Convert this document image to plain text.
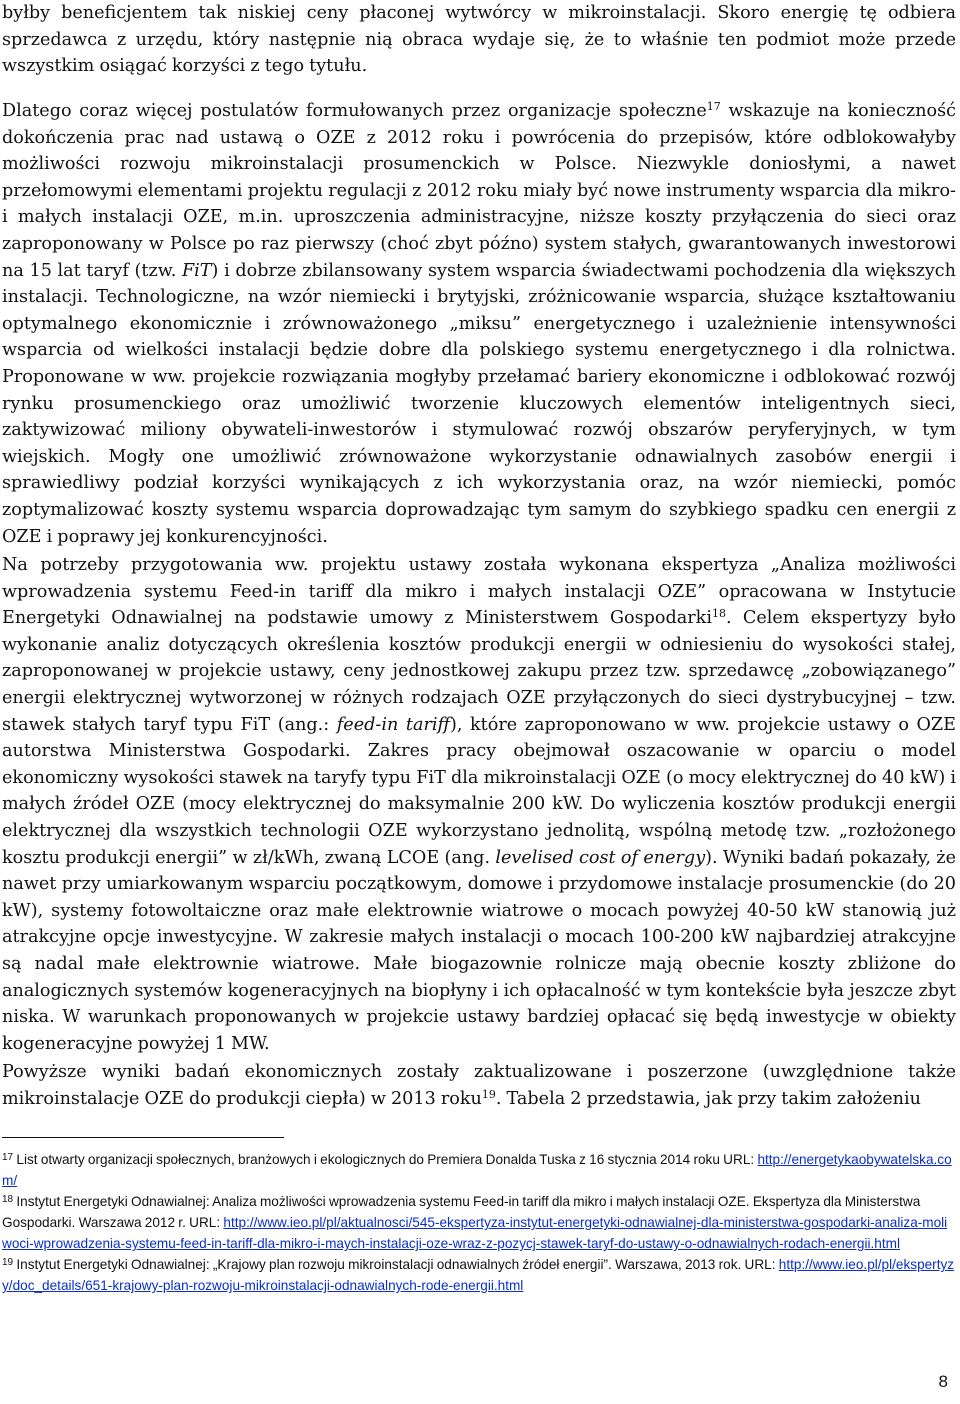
byłby beneficjentem tak niskiej ceny płaconej wytwórcy w mikroinstalacji. Skoro energię tę odbiera sprzedawca z urzędu, który następnie nią obraca wydaje się, że to właśnie ten podmiot może przede wszystkim osiągać korzyści z tego tytułu.

Dlatego coraz więcej postulatów formułowanych przez organizacje społeczne$^{17}$ wskazuje na konieczność dokończenia prac nad ustawą o OZE z 2012 roku i powrócenia do przepisów, które odblokowałyby możliwości rozwoju mikroinstalacji prosumenckich w Polsce. Niezwykle doniosłymi, a nawet przełomowymi elementami projektu regulacji z 2012 roku miały być nowe instrumenty wsparcia dla mikro- i małych instalacji OZE, m.in. uproszczenia administracyjne, niższe koszty przyłączenia do sieci oraz zaproponowany w Polsce po raz pierwszy (choć zbyt późno) system stałych, gwarantowanych inwestorowi na 15 lat taryf (tzw. FiT) i dobrze zbilansowany system wsparcia świadectwami pochodzenia dla większych instalacji. Technologiczne, na wzór niemiecki i brytyjski, zróżnicowanie wsparcia, służące kształtowaniu optymalnego ekonomicznie i zrównoważonego „miksu” energetycznego i uzależnienie intensywności wsparcia od wielkości instalacji będzie dobre dla polskiego systemu energetycznego i dla rolnictwa. Proponowane w ww. projekcie rozwiązania mogłyby przełamać bariery ekonomiczne i odblokować rozwój rynku prosumenckiego oraz umożliwić tworzenie kluczowych elementów inteligentnych sieci, zaktywizować miliony obywateli-inwestorów i stymulować rozwój obszarów peryferyjnych, w tym wiejskich. Mogły one umożliwić zrównoważone wykorzystanie odnawialnych zasobów energii i sprawiedliwy podział korzyści wynikających z ich wykorzystania oraz, na wzór niemiecki, pomóc zoptymalizować koszty systemu wsparcia doprowadzając tym samym do szybkiego spadku cen energii z OZE i poprawy jej konkurencyjności.

Na potrzeby przygotowania ww. projektu ustawy została wykonana ekspertyza „Analiza możliwości wprowadzenia systemu Feed-in tariff dla mikro i małych instalacji OZE” opracowana w Instytucie Energetyki Odnawialnej na podstawie umowy z Ministerstwem Gospodarki$^{18}$. Celem ekspertyzy było wykonanie analiz dotyczących określenia kosztów produkcji energii w odniesieniu do wysokości stałej, zaproponowanej w projekcie ustawy, ceny jednostkowej zakupu przez tzw. sprzedawcę „zobowiązanego” energii elektrycznej wytworzonej w różnych rodzajach OZE przyłączonych do sieci dystrybucyjnej – tzw. stawek stałych taryf typu FiT (ang.: feed-in tariff), które zaproponowano w ww. projekcie ustawy o OZE autorstwa Ministerstwa Gospodarki. Zakres pracy obejmował oszacowanie w oparciu o model ekonomiczny wysokości stawek na taryfy typu FiT dla mikroinstalacji OZE (o mocy elektrycznej do 40 kW) i małych źródeł OZE (mocy elektrycznej do maksymalnie 200 kW. Do wyliczenia kosztów produkcji energii elektrycznej dla wszystkich technologii OZE wykorzystano jednolitą, wspólną metodę tzw. „rozłożonego kosztu produkcji energii” w zł/kWh, zwaną LCOE (ang. levelised cost of energy). Wyniki badań pokazały, że nawet przy umiarkowanym wsparciu początkowym, domowe i przydomowe instalacje prosumenckie (do 20 kW), systemy fotowoltaiczne oraz małe elektrownie wiatrowe o mocach powyżej 40-50 kW stanowią już atrakcyjne opcje inwestycyjne. W zakresie małych instalacji o mocach 100-200 kW najbardziej atrakcyjne są nadal małe elektrownie wiatrowe. Małe biogazownie rolnicze mają obecnie koszty zbliżone do analogicznych systemów kogeneracyjnych na biopłyny i ich opłacalność w tym kontekście była jeszcze zbyt niska. W warunkach proponowanych w projekcie ustawy bardziej opłacać się będą inwestycje w obiekty kogeneracyjne powyżej 1 MW.

Powyższe wyniki badań ekonomicznych zostały zaktualizowane i poszerzone (uwzględnione także mikroinstalacje OZE do produkcji ciepła) w 2013 roku$^{19}$. Tabela 2 przedstawia, jak przy takim założeniu

$^{17}$ List otwarty organizacji społecznych, branżowych i ekologicznych do Premiera Donalda Tuska z 16 stycznia 2014 roku URL: http://energetykaobywatelska.com/

$^{18}$ Instytut Energetyki Odnawialnej: Analiza możliwości wprowadzenia systemu Feed-in tariff dla mikro i małych instalacji OZE. Ekspertyza dla Ministerstwa Gospodarki. Warszawa 2012 r. URL: http://www.ieo.pl/pl/aktualnosci/545-ekspertyza-instytut-energetyki-odnawialnej-dla-ministerstwa-gospodarki-analiza-moliwoci-wprowadzenia-systemu-feed-in-tariff-dla-mikro-i-maych-instalacji-oze-wraz-z-pozycj-stawek-taryf-do-ustawy-o-odnawialnych-rodach-energii.html

$^{19}$ Instytut Energetyki Odnawialnej: „Krajowy plan rozwoju mikroinstalacji odnawialnych źródeł energii”. Warszawa, 2013 rok. URL: http://www.ieo.pl/pl/ekspertyzy/doc_details/651-krajowy-plan-rozwoju-mikroinstalacji-odnawialnych-rode-energii.html

8
